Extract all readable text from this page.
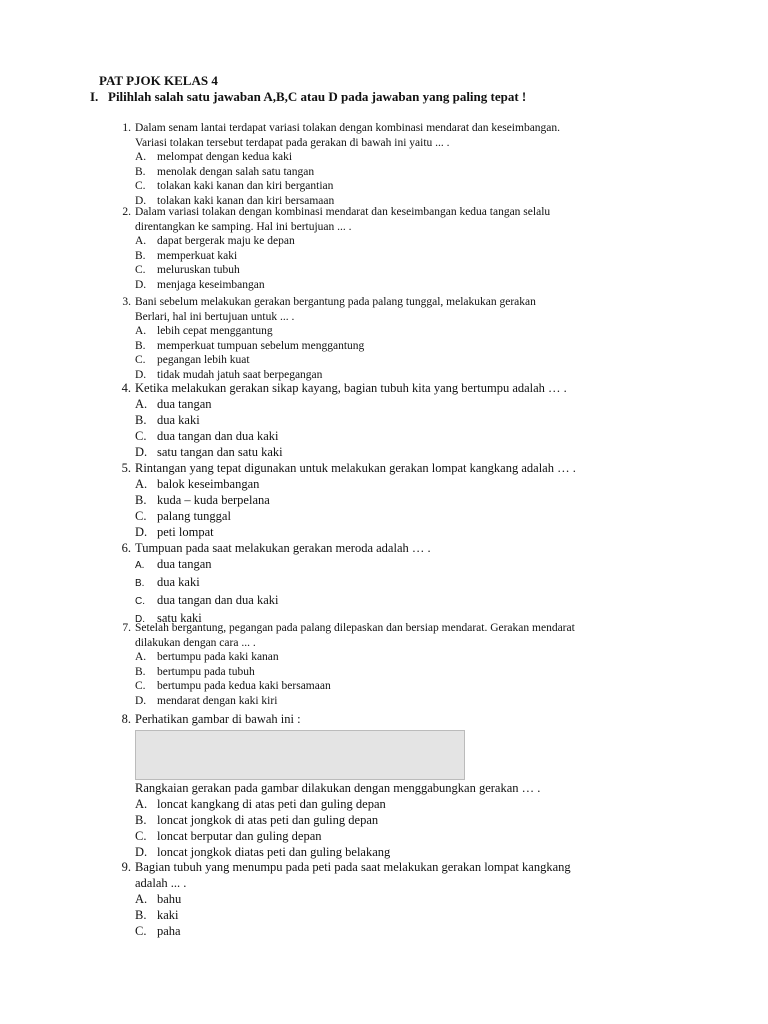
PAT PJOK KELAS 4
I. Pilihlah salah satu jawaban A,B,C atau D pada jawaban yang paling tepat !
1. Dalam senam lantai terdapat variasi tolakan dengan kombinasi mendarat dan keseimbangan.
Variasi tolakan tersebut terdapat pada gerakan di bawah ini yaitu ... .
A. melompat dengan kedua kaki
B. menolak dengan salah satu tangan
C. tolakan kaki kanan dan kiri bergantian
D. tolakan kaki kanan dan kiri bersamaan
2. Dalam variasi tolakan dengan kombinasi mendarat dan keseimbangan kedua tangan selalu
direntangkan ke samping. Hal ini bertujuan ... .
A. dapat bergerak maju ke depan
B. memperkuat kaki
C. meluruskan tubuh
D. menjaga keseimbangan
3. Bani sebelum melakukan gerakan bergantung pada palang tunggal, melakukan gerakan
Berlari, hal ini bertujuan untuk ... .
A. lebih cepat menggantung
B. memperkuat tumpuan sebelum menggantung
C. pegangan lebih kuat
D. tidak mudah jatuh saat berpegangan
4. Ketika melakukan gerakan sikap kayang, bagian tubuh kita yang bertumpu adalah … .
A. dua tangan
B. dua kaki
C. dua tangan dan dua kaki
D. satu tangan dan satu kaki
5. Rintangan yang tepat digunakan untuk melakukan gerakan lompat kangkang adalah … .
A. balok keseimbangan
B. kuda – kuda berpelana
C. palang tunggal
D. peti lompat
6. Tumpuan pada saat melakukan gerakan meroda adalah … .
A. dua tangan
B. dua kaki
C. dua tangan dan dua kaki
D. satu kaki
7. Setelah bergantung, pegangan pada palang dilepaskan dan bersiap mendarat. Gerakan mendarat
dilakukan dengan cara ... .
A. bertumpu pada kaki kanan
B. bertumpu pada tubuh
C. bertumpu pada kedua kaki bersamaan
D. mendarat dengan kaki kiri
8. Perhatikan gambar di bawah ini :
Rangkaian gerakan pada gambar dilakukan dengan menggabungkan gerakan … .
A. loncat kangkang di atas peti dan guling depan
B. loncat jongkok di atas peti dan guling depan
C. loncat berputar dan guling depan
D. loncat jongkok diatas peti dan guling belakang
9. Bagian tubuh yang menumpu pada peti pada saat melakukan gerakan lompat kangkang
adalah ... .
A. bahu
B. kaki
C. paha
